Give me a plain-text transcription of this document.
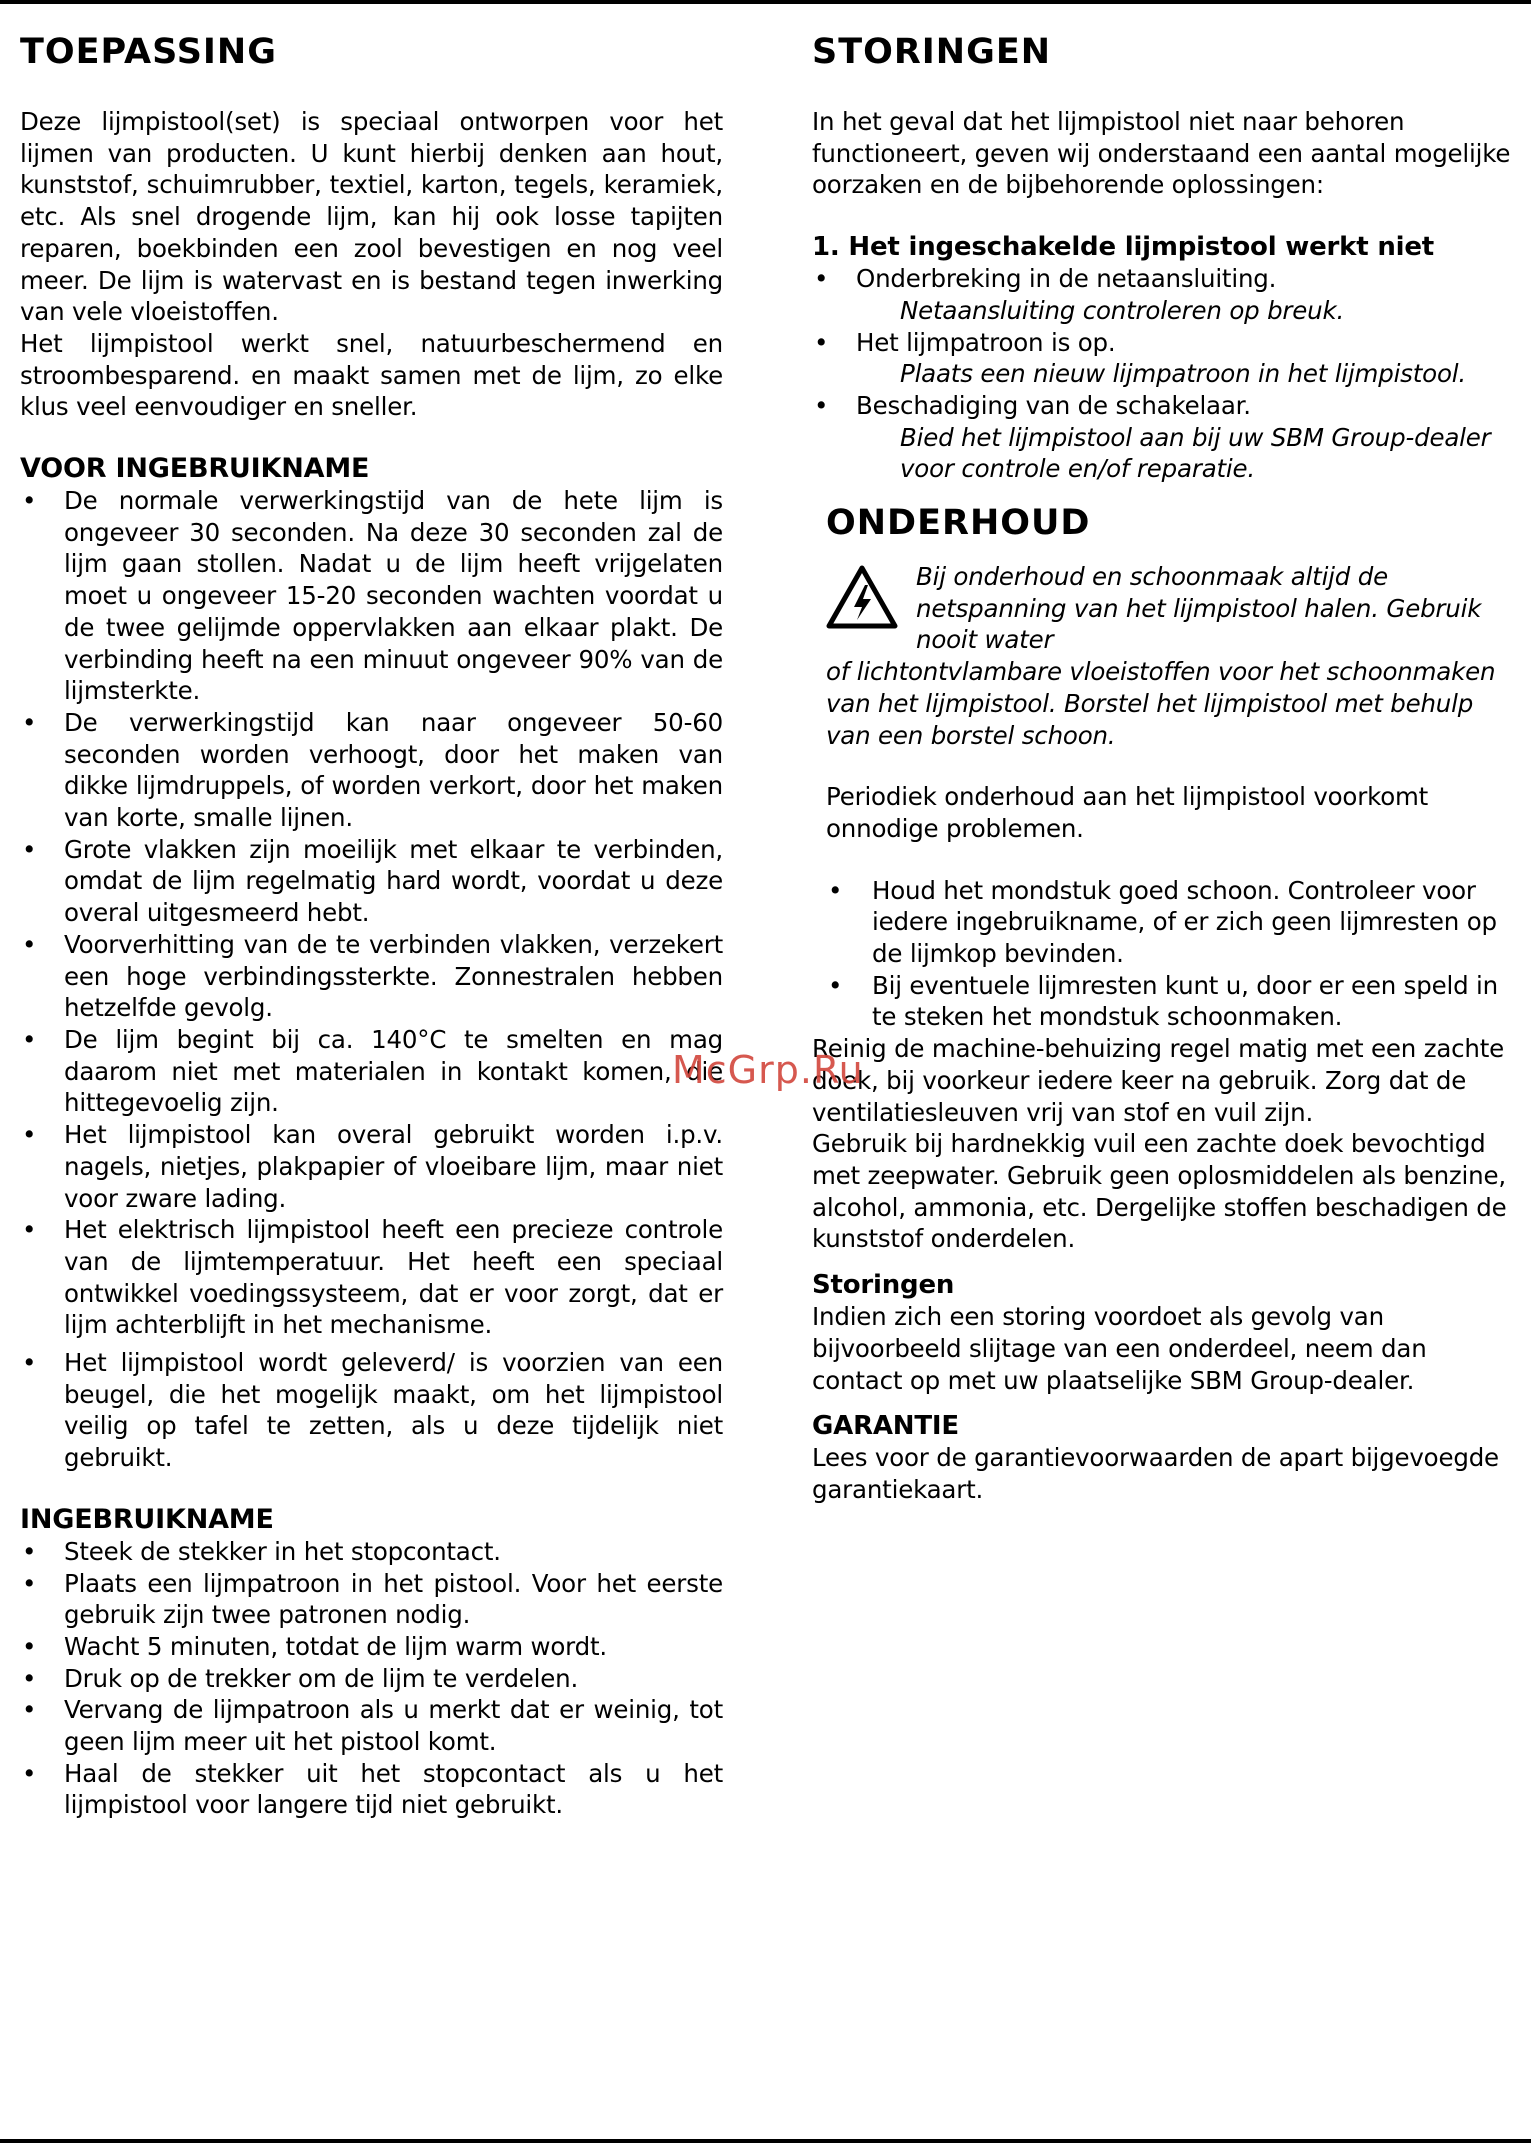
TOEPASSING

Deze lijmpistool(set) is speciaal ontworpen voor het lijmen van producten. U kunt hierbij denken aan hout, kunststof, schuimrubber, textiel, karton, tegels, keramiek, etc. Als snel drogende lijm, kan hij ook losse tapijten reparen, boekbinden een zool bevestigen en nog veel meer. De lijm is watervast en is bestand tegen inwerking van vele vloeistoffen.

Het lijmpistool werkt snel, natuurbeschermend en stroombesparend. en maakt samen met de lijm, zo elke klus veel eenvoudiger en sneller.

VOOR INGEBRUIKNAME
• De normale verwerkingstijd van de hete lijm is ongeveer 30 seconden. Na deze 30 seconden zal de lijm gaan stollen. Nadat u de lijm heeft vrijgelaten moet u ongeveer 15-20 seconden wachten voordat u de twee gelijmde oppervlakken aan elkaar plakt. De verbinding heeft na een minuut ongeveer 90% van de lijmsterkte.
• De verwerkingstijd kan naar ongeveer 50-60 seconden worden verhoogt, door het maken van dikke lijmdruppels, of worden verkort, door het maken van korte, smalle lijnen.
• Grote vlakken zijn moeilijk met elkaar te verbinden, omdat de lijm regelmatig hard wordt, voordat u deze overal uitgesmeerd hebt.
• Voorverhitting van de te verbinden vlakken, verzekert een hoge verbindingssterkte. Zonnestralen hebben hetzelfde gevolg.
• De lijm begint bij ca. 140°C te smelten en mag daarom niet met materialen in kontakt komen, die hittegevoelig zijn.
• Het lijmpistool kan overal gebruikt worden i.p.v. nagels, nietjes, plakpapier of vloeibare lijm, maar niet voor zware lading.
• Het elektrisch lijmpistool heeft een precieze controle van de lijmtemperatuur. Het heeft een speciaal ontwikkel voedingssysteem, dat er voor zorgt, dat er lijm achterblijft in het mechanisme.
• Het lijmpistool wordt geleverd/ is voorzien van een beugel, die het mogelijk maakt, om het lijmpistool veilig op tafel te zetten, als u deze tijdelijk niet gebruikt.
INGEBRUIKNAME
• Steek de stekker in het stopcontact.
• Plaats een lijmpatroon in het pistool. Voor het eerste gebruik zijn twee patronen nodig.
• Wacht 5 minuten, totdat de lijm warm wordt.
• Druk op de trekker om de lijm te verdelen.
• Vervang de lijmpatroon als u merkt dat er weinig, tot geen lijm meer uit het pistool komt.
• Haal de stekker uit het stopcontact als u het lijmpistool voor langere tijd niet gebruikt.
STORINGEN

In het geval dat het lijmpistool niet naar behoren functioneert, geven wij onderstaand een aantal mogelijke oorzaken en de bijbehorende oplossingen:

1. Het ingeschakelde lijmpistool werkt niet
• Onderbreking in de netaansluiting.
Netaansluiting controleren op breuk.
• Het lijmpatroon is op.
Plaats een nieuw lijmpatroon in het lijmpistool.
• Beschadiging van de schakelaar.
Bied het lijmpistool aan bij uw SBM Group-dealer voor controle en/of reparatie.
ONDERHOUD

Bij onderhoud en schoonmaak altijd de netspanning van het lijmpistool halen. Gebruik nooit water

of lichtontvlambare vloeistoffen voor het schoonmaken van het lijmpistool. Borstel het lijmpistool met behulp van een borstel schoon.

Periodiek onderhoud aan het lijmpistool voorkomt onnodige problemen.

• Houd het mondstuk goed schoon. Controleer voor iedere ingebruikname, of er zich geen lijmresten op de lijmkop bevinden.
• Bij eventuele lijmresten kunt u, door er een speld in te steken het mondstuk schoonmaken.

Reinig de machine-behuizing regel matig met een zachte doek, bij voorkeur iedere keer na gebruik. Zorg dat de ventilatiesleuven vrij van stof en vuil zijn.

Gebruik bij hardnekkig vuil een zachte doek bevochtigd met zeepwater. Gebruik geen oplosmiddelen als benzine, alcohol, ammonia, etc. Dergelijke stoffen beschadigen de kunststof onderdelen.

Storingen

Indien zich een storing voordoet als gevolg van bijvoorbeeld slijtage van een onderdeel, neem dan contact op met uw plaatselijke SBM Group-dealer.

GARANTIE

Lees voor de garantievoorwaarden de apart bijgevoegde garantiekaart.

McGrp.Ru
